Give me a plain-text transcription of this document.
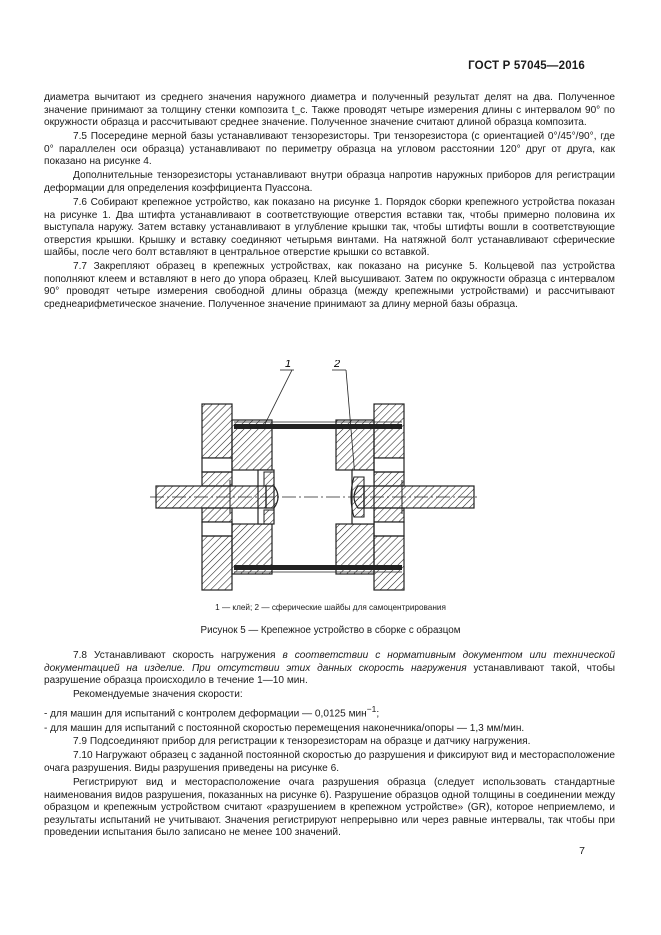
ГОСТ Р 57045—2016

диаметра вычитают из среднего значения наружного диаметра и полученный результат делят на два. Полученное значение принимают за толщину стенки композита t_c. Также проводят четыре измерения длины с интервалом 90° по окружности образца и рассчитывают среднее значение. Полученное значение считают длиной образца композита.

7.5 Посередине мерной базы устанавливают тензорезисторы. Три тензорезистора (с ориентацией 0°/45°/90°, где 0° параллелен оси образца) устанавливают по периметру образца на угловом расстоянии 120° друг от друга, как показано на рисунке 4.

Дополнительные тензорезисторы устанавливают внутри образца напротив наружных приборов для регистрации деформации для определения коэффициента Пуассона.

7.6 Собирают крепежное устройство, как показано на рисунке 1. Порядок сборки крепежного устройства показан на рисунке 1. Два штифта устанавливают в соответствующие отверстия вставки так, чтобы примерно половина их выступала наружу. Затем вставку устанавливают в углубление крышки так, чтобы штифты вошли в соответствующие отверстия крышки. Крышку и вставку соединяют четырьмя винтами. На натяжной болт устанавливают сферические шайбы, после чего болт вставляют в центральное отверстие крышки со вставкой.

7.7 Закрепляют образец в крепежных устройствах, как показано на рисунке 5. Кольцевой паз устройства пополняют клеем и вставляют в него до упора образец. Клей высушивают. Затем по окружности образца с интервалом 90° проводят четыре измерения свободной длины образца (между крепежными устройствами) и рассчитывают среднеарифметическое значение. Полученное значение принимают за длину мерной базы образца.

1	2
1 — клей; 2 — сферические шайбы для самоцентрирования
Рисунок 5 — Крепежное устройство в сборке с образцом

7.8 Устанавливают скорость нагружения в соответствии с нормативным документом или технической документацией на изделие. При отсутствии этих данных скорость нагружения устанавливают такой, чтобы разрушение образца происходило в течение 1—10 мин.

Рекомендуемые значения скорости:

- для машин для испытаний с контролем деформации — 0,0125 мин$^{-1}$;

- для машин для испытаний с постоянной скоростью перемещения наконечника/опоры — 1,3 мм/мин.

7.9 Подсоединяют прибор для регистрации к тензорезисторам на образце и датчику нагружения.

7.10 Нагружают образец с заданной постоянной скоростью до разрушения и фиксируют вид и месторасположение очага разрушения. Виды разрушения приведены на рисунке 6.

Регистрируют вид и месторасположение очага разрушения образца (следует использовать стандартные наименования видов разрушения, показанных на рисунке 6). Разрушение образцов одной толщины в соединении между образцом и крепежным устройством считают «разрушением в крепежном устройстве» (GR), которое неприемлемо, и результаты испытаний не учитывают. Значения регистрируют непрерывно или через равные интервалы, так чтобы при проведении испытания было записано не менее 100 значений.

7
